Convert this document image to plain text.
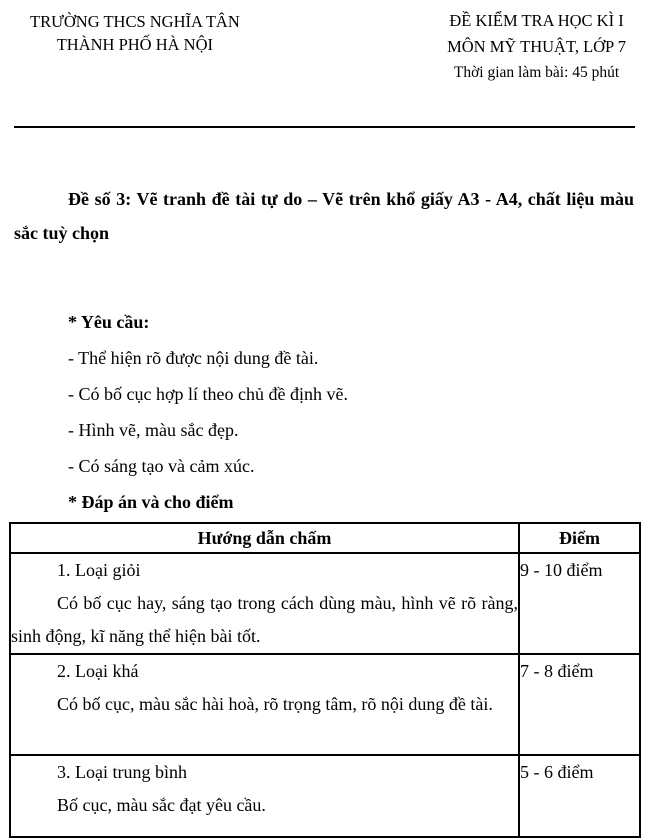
TRƯỜNG THCS NGHĨA TÂN
THÀNH PHỐ HÀ NỘI
ĐỀ KIỂM TRA HỌC KÌ I
MÔN MỸ THUẬT, LỚP 7
Thời gian làm bài: 45 phút

Đề số 3: Vẽ tranh đề tài tự do – Vẽ trên khổ giấy A3 - A4, chất liệu màu sắc tuỳ chọn

* Yêu cầu:
- Thể hiện rõ được nội dung đề tài.
- Có bố cục hợp lí theo chủ đề định vẽ.
- Hình vẽ, màu sắc đẹp.
- Có sáng tạo và cảm xúc.
* Đáp án và cho điểm
Hướng dẫn chấm	Điểm

1. Loại giỏi

Có bố cục hay, sáng tạo trong cách dùng màu, hình vẽ rõ ràng, sinh động, kĩ năng thể hiện bài tốt.	9 - 10 điểm

2. Loại khá

Có bố cục, màu sắc hài hoà, rõ trọng tâm, rõ nội dung đề tài.	7 - 8 điểm

3. Loại trung bình

Bố cục, màu sắc đạt yêu cầu.	5 - 6 điểm
